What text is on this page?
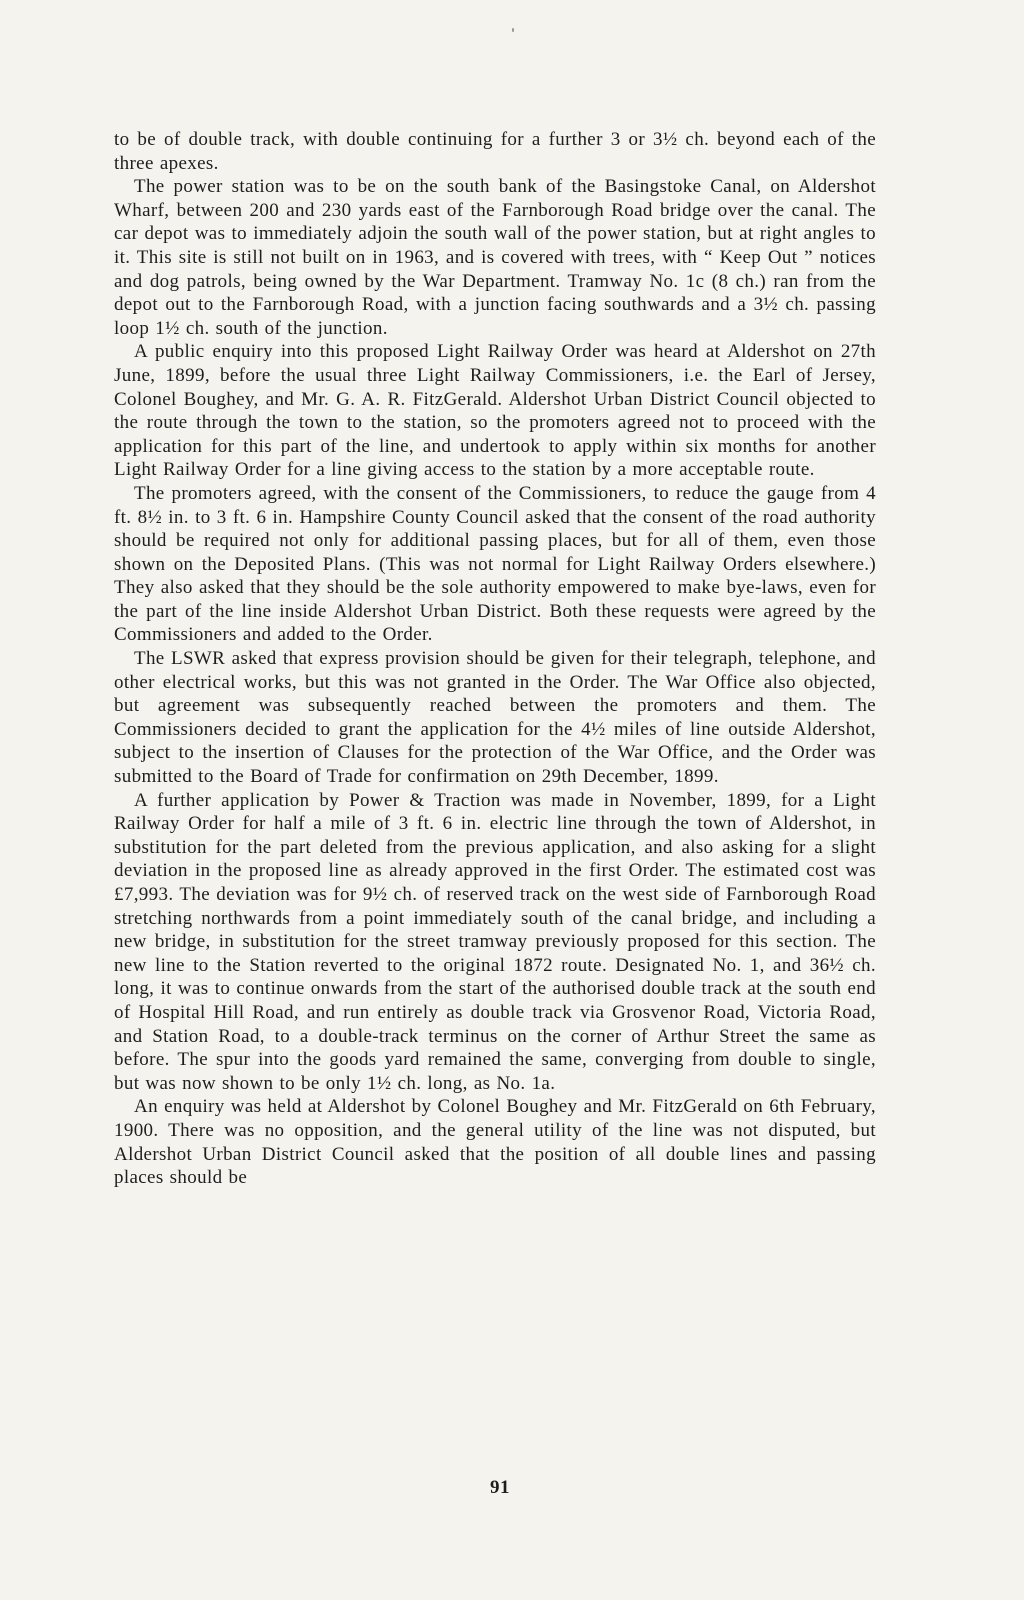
to be of double track, with double continuing for a further 3 or 3½ ch. beyond each of the three apexes.

The power station was to be on the south bank of the Basingstoke Canal, on Aldershot Wharf, between 200 and 230 yards east of the Farnborough Road bridge over the canal. The car depot was to immediately adjoin the south wall of the power station, but at right angles to it. This site is still not built on in 1963, and is covered with trees, with “ Keep Out ” notices and dog patrols, being owned by the War Department. Tramway No. 1c (8 ch.) ran from the depot out to the Farnborough Road, with a junction facing southwards and a 3½ ch. passing loop 1½ ch. south of the junction.

A public enquiry into this proposed Light Railway Order was heard at Aldershot on 27th June, 1899, before the usual three Light Railway Commissioners, i.e. the Earl of Jersey, Colonel Boughey, and Mr. G. A. R. FitzGerald. Aldershot Urban District Council objected to the route through the town to the station, so the promoters agreed not to proceed with the application for this part of the line, and undertook to apply within six months for another Light Railway Order for a line giving access to the station by a more acceptable route.

The promoters agreed, with the consent of the Commissioners, to reduce the gauge from 4 ft. 8½ in. to 3 ft. 6 in. Hampshire County Council asked that the consent of the road authority should be required not only for additional passing places, but for all of them, even those shown on the Deposited Plans. (This was not normal for Light Railway Orders elsewhere.) They also asked that they should be the sole authority empowered to make bye-laws, even for the part of the line inside Aldershot Urban District. Both these requests were agreed by the Commissioners and added to the Order.

The LSWR asked that express provision should be given for their telegraph, telephone, and other electrical works, but this was not granted in the Order. The War Office also objected, but agreement was subsequently reached between the promoters and them. The Commissioners decided to grant the application for the 4½ miles of line outside Aldershot, subject to the insertion of Clauses for the protection of the War Office, and the Order was submitted to the Board of Trade for confirmation on 29th December, 1899.

A further application by Power & Traction was made in November, 1899, for a Light Railway Order for half a mile of 3 ft. 6 in. electric line through the town of Aldershot, in substitution for the part deleted from the previous application, and also asking for a slight deviation in the proposed line as already approved in the first Order. The estimated cost was £7,993. The deviation was for 9½ ch. of reserved track on the west side of Farnborough Road stretching northwards from a point immediately south of the canal bridge, and including a new bridge, in substitution for the street tramway previously proposed for this section. The new line to the Station reverted to the original 1872 route. Designated No. 1, and 36½ ch. long, it was to continue onwards from the start of the authorised double track at the south end of Hospital Hill Road, and run entirely as double track via Grosvenor Road, Victoria Road, and Station Road, to a double-track terminus on the corner of Arthur Street the same as before. The spur into the goods yard remained the same, converging from double to single, but was now shown to be only 1½ ch. long, as No. 1a.

An enquiry was held at Aldershot by Colonel Boughey and Mr. FitzGerald on 6th February, 1900. There was no opposition, and the general utility of the line was not disputed, but Aldershot Urban District Council asked that the position of all double lines and passing places should be

91
